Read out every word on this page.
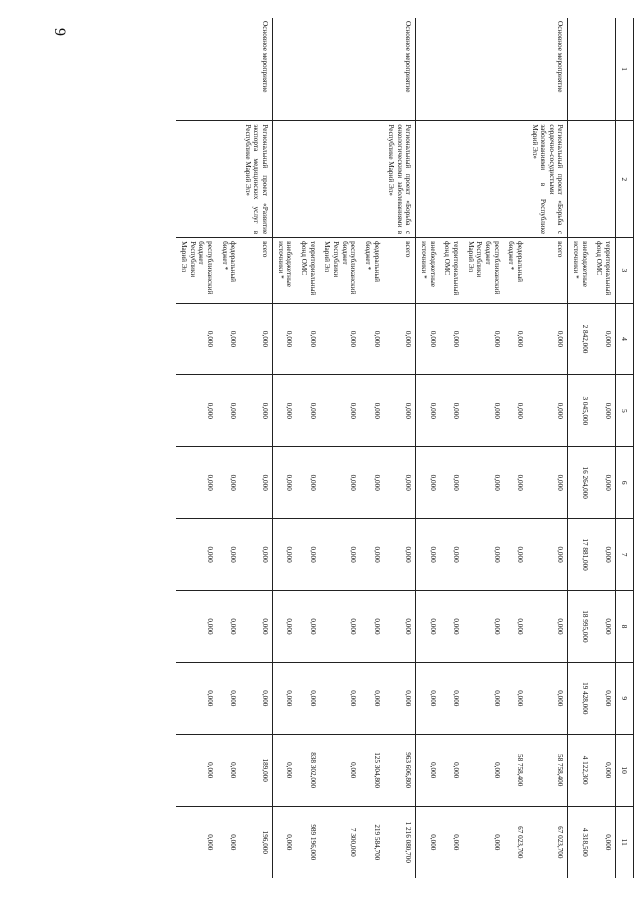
9
1	2	3	4	5	6	7	8	9	10	11
		территориальный фонд ОМС	0,000	0,000	0,000	0,000	0,000	0,000	0,000	0,000
		внебюджетные источники *	2 842,000	3 045,000	16 264,000	17 881,000	18 995,000	19 428,000	4 122,300	4 318,500
Основное мероприятие	Региональный проект «Борьба с сердечно-сосудистыми заболеваниями в Республике Марий Эл»	всего	0,000	0,000	0,000	0,000	0,000	0,000	58 758,400	67 023,700
		федеральный бюджет *	0,000	0,000	0,000	0,000	0,000	0,000	58 758,400	67 023,700
		республиканский бюджет Республики Марий Эл	0,000	0,000	0,000	0,000	0,000	0,000	0,000	0,000
		территориальный фонд ОМС	0,000	0,000	0,000	0,000	0,000	0,000	0,000	0,000
		внебюджетные источники *	0,000	0,000	0,000	0,000	0,000	0,000	0,000	0,000
Основное мероприятие	Региональный проект «Борьба с онкологическими заболеваниями в Республике Марий Эл»	всего	0,000	0,000	0,000	0,000	0,000	0,000	963 606,800	1 216 080,700
		федеральный бюджет *	0,000	0,000	0,000	0,000	0,000	0,000	125 304,800	219 584,700
		республиканский бюджет Республики Марий Эл	0,000	0,000	0,000	0,000	0,000	0,000	0,000	7 300,000
		территориальный фонд ОМС	0,000	0,000	0,000	0,000	0,000	0,000	838 302,000	989 196,000
		внебюджетные источники *	0,000	0,000	0,000	0,000	0,000	0,000	0,000	0,000
Основное мероприятие	Региональный проект «Развитие экспорта медицинских услуг в Республике Марий Эл»	всего	0,000	0,000	0,000	0,000	0,000	0,000	189,000	196,000
		федеральный бюджет *	0,000	0,000	0,000	0,000	0,000	0,000	0,000	0,000
		республиканский бюджет Республики Марий Эл	0,000	0,000	0,000	0,000	0,000	0,000	0,000	0,000
